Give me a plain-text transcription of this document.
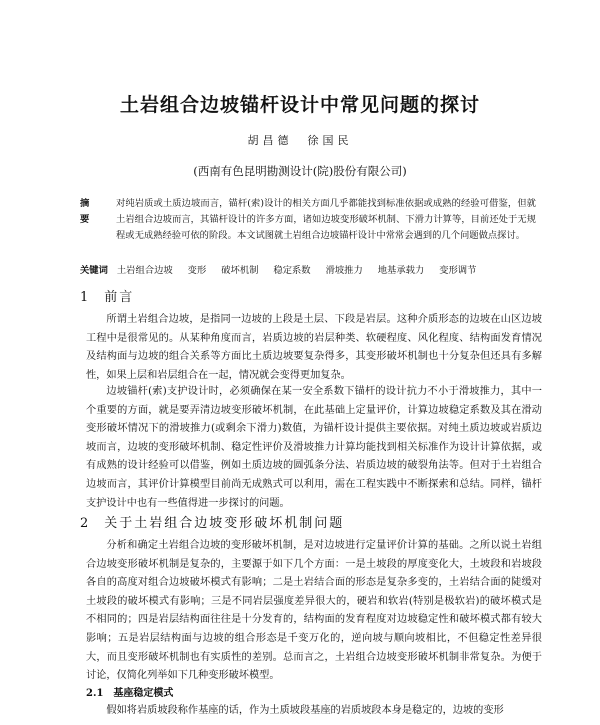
土岩组合边坡锚杆设计中常见问题的探讨
胡昌德　徐国民
(西南有色昆明勘测设计(院)股份有限公司)
摘要
对纯岩质或土质边坡而言，锚杆(索)设计的相关方面几乎都能找到标准依据或成熟的经验可借鉴，但就土岩组合边坡而言，其锚杆设计的许多方面，诸如边坡变形破坏机制、下滑力计算等，目前还处于无规程或无成熟经验可依的阶段。本文试图就土岩组合边坡锚杆设计中常常会遇到的几个问题做点探讨。
关键词 土岩组合边坡 变形 破坏机制 稳定系数 滑坡推力 地基承载力 变形调节
1 前言
所谓土岩组合边坡，是指同一边坡的上段是土层、下段是岩层。这种介质形态的边坡在山区边坡工程中是很常见的。从某种角度而言，岩质边坡的岩层种类、软硬程度、风化程度、结构面发育情况及结构面与边坡的组合关系等方面比土质边坡要复杂得多，其变形破坏机制也十分复杂但还具有多解性，如果上层和岩层组合在一起，情况就会变得更加复杂。
边坡锚杆(索)支护设计时，必须确保在某一安全系数下锚杆的设计抗力不小于滑坡推力，其中一个重要的方面，就是要弄清边坡变形破坏机制，在此基础上定量评价，计算边坡稳定系数及其在滑动变形破坏情况下的滑坡推力(或剩余下滑力)数值，为锚杆设计提供主要依据。对纯土质边坡或岩质边坡而言，边坡的变形破坏机制、稳定性评价及滑坡推力计算均能找到相关标准作为设计计算依据，或有成熟的设计经验可以借鉴，例如土质边坡的圆弧条分法、岩质边坡的破裂角法等。但对于土岩组合边坡而言，其评价计算模型目前尚无成熟式可以利用，需在工程实践中不断探索和总结。同样，锚杆支护设计中也有一些值得进一步探讨的问题。
2 关于土岩组合边坡变形破坏机制问题
分析和确定土岩组合边坡的变形破坏机制，是对边坡进行定量评价计算的基础。之所以说土岩组合边坡变形破坏机制是复杂的，主要源于如下几个方面：一是土坡段的厚度变化大，土坡段和岩坡段各自的高度对组合边坡破坏模式有影响；二是土岩结合面的形态是复杂多变的，土岩结合面的陡缓对土坡段的破坏模式有影响；三是不同岩层强度差异很大的，硬岩和软岩(特别是极软岩)的破坏模式是不相同的；四是岩层结构面往往是十分发育的，结构面的发育程度对边坡稳定性和破坏模式都有较大影响；五是岩层结构面与边坡的组合形态是千变万化的，逆向坡与顺向坡相比，不但稳定性差异很大，而且变形破坏机制也有实质性的差别。总而言之，土岩组合边坡变形破坏机制非常复杂。为便于讨论，仅简化列举如下几种变形破坏模型。
2.1 基座稳定模式
假如将岩质坡段称作基座的话，作为土质坡段基座的岩质坡段本身是稳定的，边坡的变形
